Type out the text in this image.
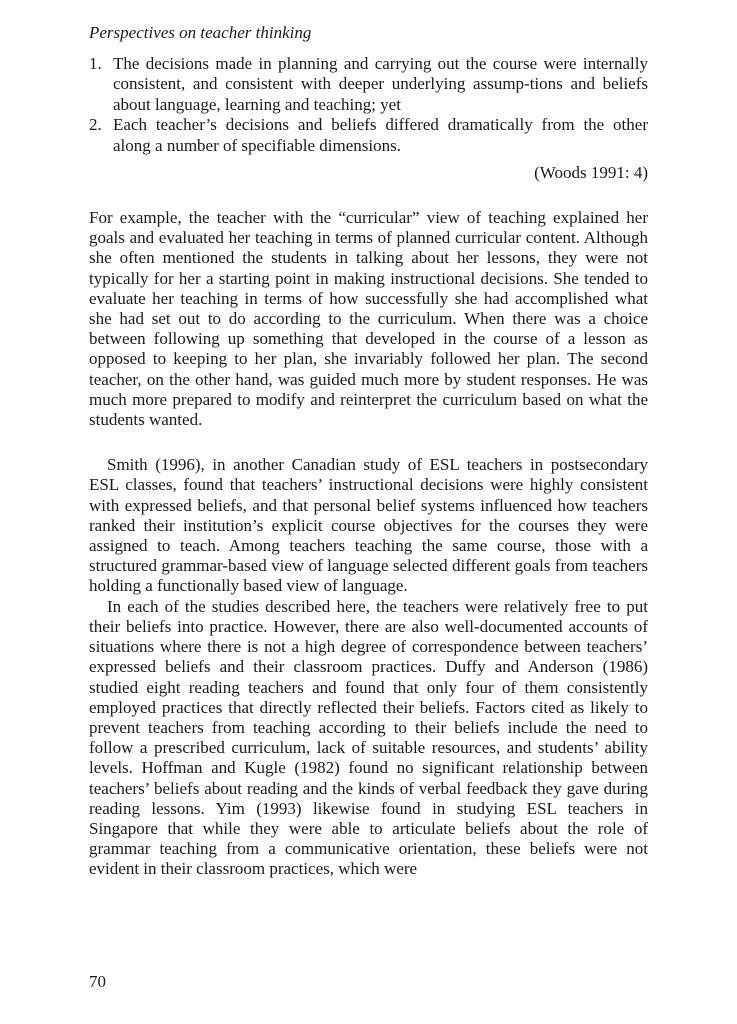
Perspectives on teacher thinking
1. The decisions made in planning and carrying out the course were internally consistent, and consistent with deeper underlying assump-tions and beliefs about language, learning and teaching; yet
2. Each teacher’s decisions and beliefs differed dramatically from the other along a number of specifiable dimensions.
(Woods 1991: 4)

For example, the teacher with the “curricular” view of teaching explained her goals and evaluated her teaching in terms of planned curricular content. Although she often mentioned the students in talking about her lessons, they were not typically for her a starting point in making instructional decisions. She tended to evaluate her teaching in terms of how successfully she had accomplished what she had set out to do according to the curriculum. When there was a choice between following up something that developed in the course of a lesson as opposed to keeping to her plan, she invariably followed her plan. The second teacher, on the other hand, was guided much more by student responses. He was much more prepared to modify and reinterpret the curriculum based on what the students wanted.

Smith (1996), in another Canadian study of ESL teachers in postsecondary ESL classes, found that teachers’ instructional decisions were highly consistent with expressed beliefs, and that personal belief systems influenced how teachers ranked their institution’s explicit course objectives for the courses they were assigned to teach. Among teachers teaching the same course, those with a structured grammar-based view of language selected different goals from teachers holding a functionally based view of language.

In each of the studies described here, the teachers were relatively free to put their beliefs into practice. However, there are also well-documented accounts of situations where there is not a high degree of correspondence between teachers’ expressed beliefs and their classroom practices. Duffy and Anderson (1986) studied eight reading teachers and found that only four of them consistently employed practices that directly reflected their beliefs. Factors cited as likely to prevent teachers from teaching according to their beliefs include the need to follow a prescribed curriculum, lack of suitable resources, and students’ ability levels. Hoffman and Kugle (1982) found no significant relationship between teachers’ beliefs about reading and the kinds of verbal feedback they gave during reading lessons. Yim (1993) likewise found in studying ESL teachers in Singapore that while they were able to articulate beliefs about the role of grammar teaching from a communicative orientation, these beliefs were not evident in their classroom practices, which were

70
